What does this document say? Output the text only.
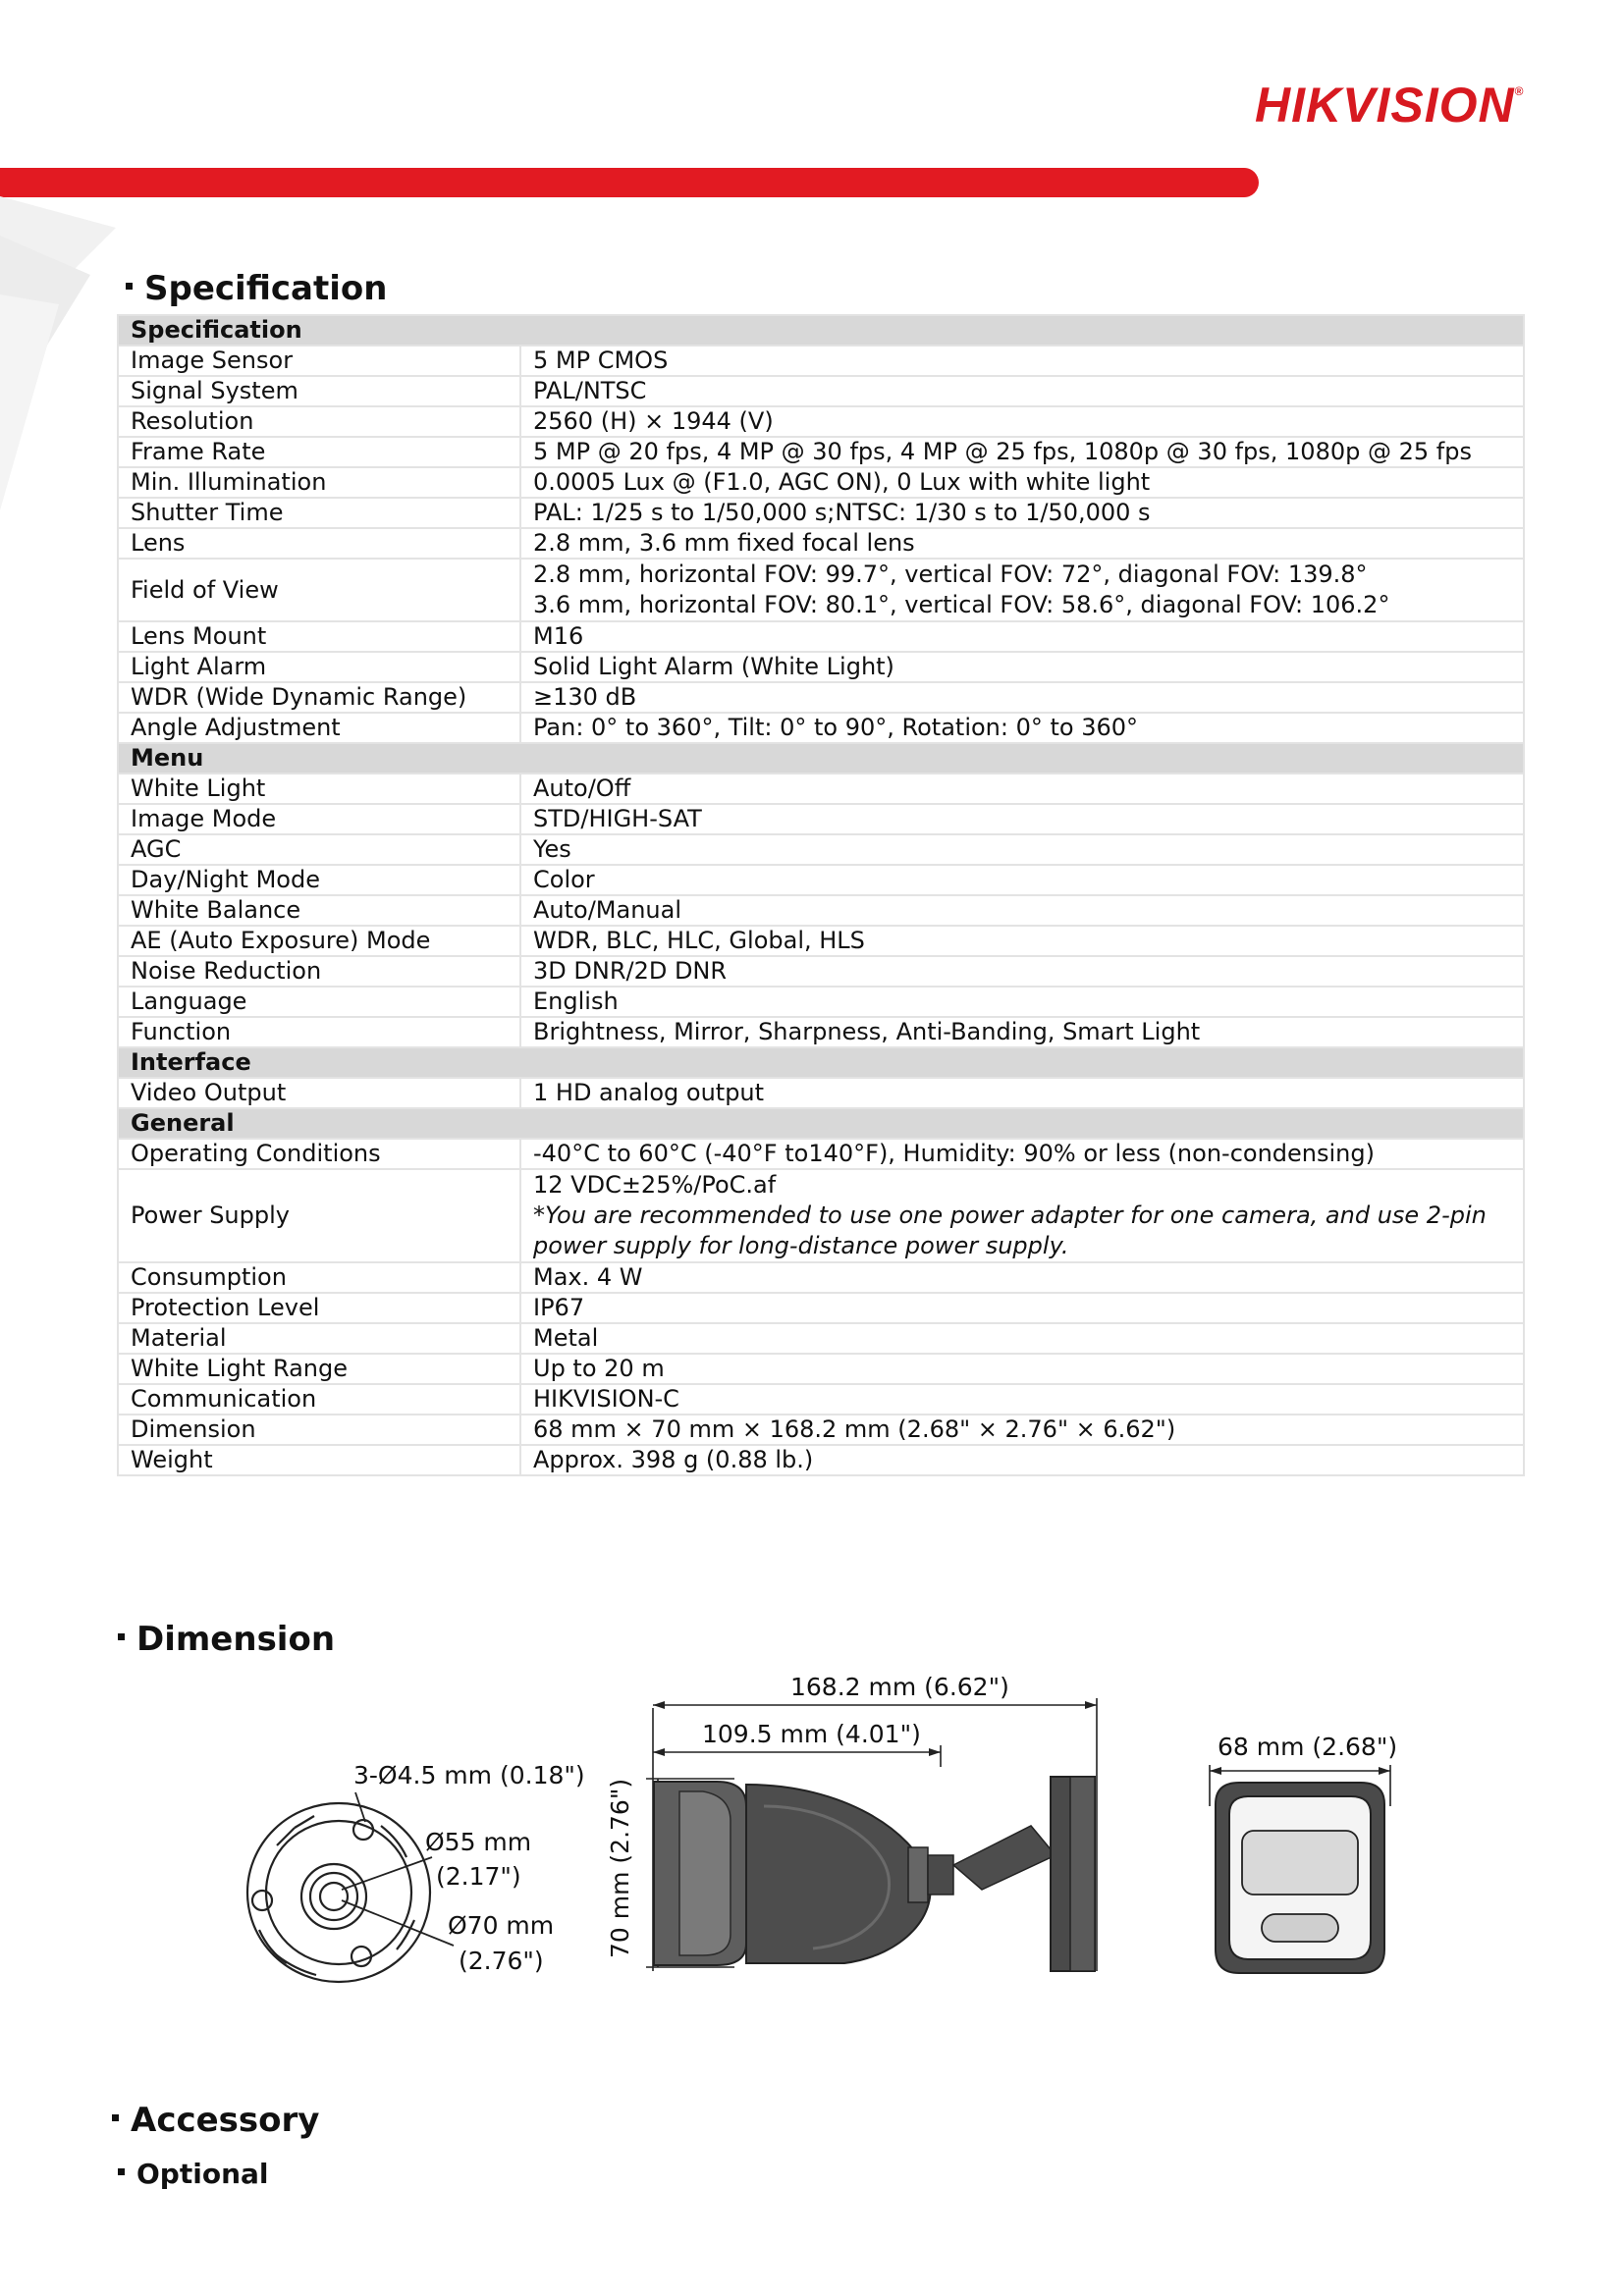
HIKVISION®
Specification
Specification	
Image Sensor	5 MP CMOS
Signal System	PAL/NTSC
Resolution	2560 (H) × 1944 (V)
Frame Rate	5 MP @ 20 fps, 4 MP @ 30 fps, 4 MP @ 25 fps, 1080p @ 30 fps, 1080p @ 25 fps
Min. Illumination	0.0005 Lux @ (F1.0, AGC ON), 0 Lux with white light
Shutter Time	PAL: 1/25 s to 1/50,000 s;NTSC: 1/30 s to 1/50,000 s
Lens	2.8 mm, 3.6 mm fixed focal lens
Field of View	2.8 mm, horizontal FOV: 99.7°, vertical FOV: 72°, diagonal FOV: 139.8°
3.6 mm, horizontal FOV: 80.1°, vertical FOV: 58.6°, diagonal FOV: 106.2°

Lens Mount	M16
Light Alarm	Solid Light Alarm (White Light)
WDR (Wide Dynamic Range)	≥130 dB
Angle Adjustment	Pan: 0° to 360°, Tilt: 0° to 90°, Rotation: 0° to 360°
Menu	
White Light	Auto/Off
Image Mode	STD/HIGH-SAT
AGC	Yes
Day/Night Mode	Color
White Balance	Auto/Manual
AE (Auto Exposure) Mode	WDR, BLC, HLC, Global, HLS
Noise Reduction	3D DNR/2D DNR
Language	English
Function	Brightness, Mirror, Sharpness, Anti-Banding, Smart Light
Interface	
Video Output	1 HD analog output
General	
Operating Conditions	-40°C to 60°C (-40°F to140°F), Humidity: 90% or less (non-condensing)
Power Supply	12 VDC±25%/PoC.af
*You are recommended to use one power adapter for one camera, and use 2-pin
power supply for long-distance power supply.

Consumption	Max. 4 W
Protection Level	IP67
Material	Metal
White Light Range	Up to 20 m
Communication	HIKVISION-C
Dimension	68 mm × 70 mm × 168.2 mm (2.68" × 2.76" × 6.62")
Weight	Approx. 398 g (0.88 lb.)
Dimension
3-Ø4.5 mm (0.18")
Ø55 mm
(2.17")
Ø70 mm
(2.76")
168.2 mm (6.62")
109.5 mm (4.01")
70 mm (2.76")
68 mm (2.68")
Accessory
Optional
